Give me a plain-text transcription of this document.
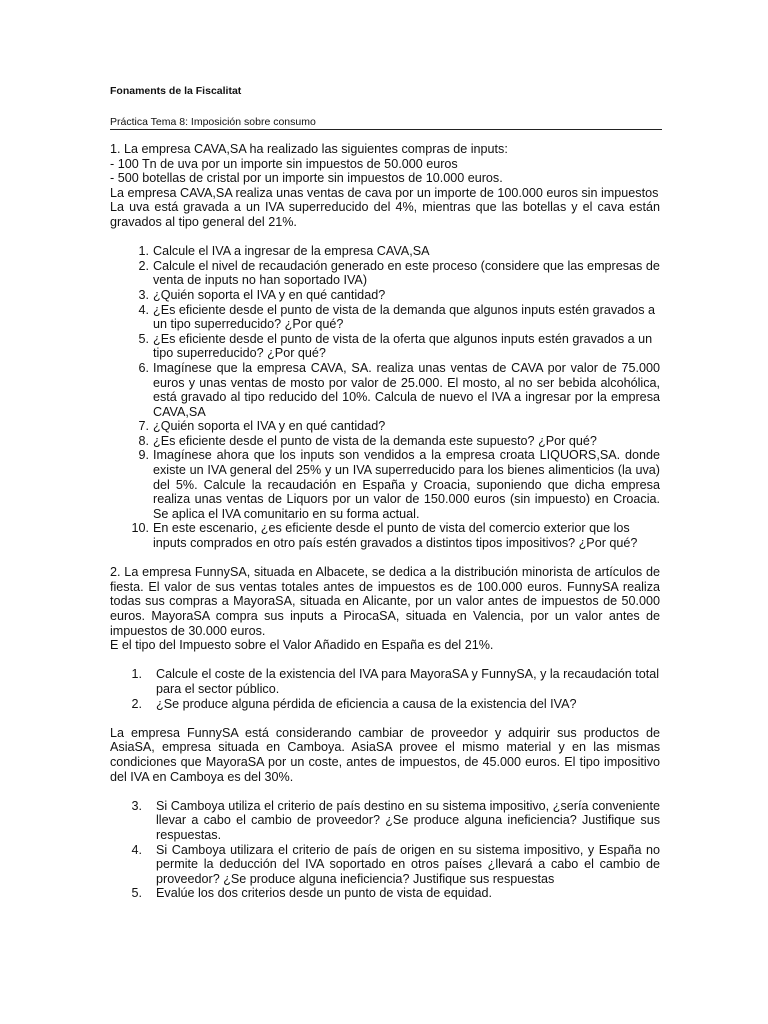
Fonaments de la Fiscalitat
Práctica Tema 8: Imposición sobre consumo

1. La empresa CAVA,SA ha realizado las siguientes compras de inputs:

- 100 Tn de uva por un importe sin impuestos de 50.000 euros

- 500 botellas de cristal por un importe sin impuestos de 10.000 euros.

La empresa CAVA,SA realiza unas ventas de cava por un importe de 100.000 euros sin impuestos

La uva está gravada a un IVA superreducido del 4%, mientras que las botellas y el cava están gravados al tipo general del 21%.

1. Calcule el IVA a ingresar de la empresa CAVA,SA
2. Calcule el nivel de recaudación generado en este proceso (considere que las empresas de venta de inputs no han soportado IVA)
3. ¿Quién soporta el IVA y en qué cantidad?
4. ¿Es eficiente desde el punto de vista de la demanda que algunos inputs estén gravados a un tipo superreducido? ¿Por qué?
5. ¿Es eficiente desde el punto de vista de la oferta que algunos inputs estén gravados a un tipo superreducido? ¿Por qué?
6. Imagínese que la empresa CAVA, SA. realiza unas ventas de CAVA por valor de 75.000 euros y unas ventas de mosto por valor de 25.000. El mosto, al no ser bebida alcohólica, está gravado al tipo reducido del 10%. Calcula de nuevo el IVA a ingresar por la empresa CAVA,SA
7. ¿Quién soporta el IVA y en qué cantidad?
8. ¿Es eficiente desde el punto de vista de la demanda este supuesto? ¿Por qué?
9. Imagínese ahora que los inputs son vendidos a la empresa croata LIQUORS,SA. donde existe un IVA general del 25% y un IVA superreducido para los bienes alimenticios (la uva) del 5%. Calcule la recaudación en España y Croacia, suponiendo que dicha empresa realiza unas ventas de Liquors por un valor de 150.000 euros (sin impuesto) en Croacia. Se aplica el IVA comunitario en su forma actual.
10. En este escenario, ¿es eficiente desde el punto de vista del comercio exterior que los inputs comprados en otro país estén gravados a distintos tipos impositivos? ¿Por qué?

2. La empresa FunnySA, situada en Albacete, se dedica a la distribución minorista de artículos de fiesta. El valor de sus ventas totales antes de impuestos es de 100.000 euros. FunnySA realiza todas sus compras a MayoraSA, situada en Alicante, por un valor antes de impuestos de 50.000 euros. MayoraSA compra sus inputs a PirocaSA, situada en Valencia, por un valor antes de impuestos de 30.000 euros.

E el tipo del Impuesto sobre el Valor Añadido en España es del 21%.

1. Calcule el coste de la existencia del IVA para MayoraSA y FunnySA, y la recaudación total para el sector público.
2. ¿Se produce alguna pérdida de eficiencia a causa de la existencia del IVA?

La empresa FunnySA está considerando cambiar de proveedor y adquirir sus productos de AsiaSA, empresa situada en Camboya. AsiaSA provee el mismo material y en las mismas condiciones que MayoraSA por un coste, antes de impuestos, de 45.000 euros. El tipo impositivo del IVA en Camboya es del 30%.

3. Si Camboya utiliza el criterio de país destino en su sistema impositivo, ¿sería conveniente llevar a cabo el cambio de proveedor? ¿Se produce alguna ineficiencia? Justifique sus respuestas.
4. Si Camboya utilizara el criterio de país de origen en su sistema impositivo, y España no permite la deducción del IVA soportado en otros países ¿llevará a cabo el cambio de proveedor? ¿Se produce alguna ineficiencia? Justifique sus respuestas
5. Evalúe los dos criterios desde un punto de vista de equidad.
